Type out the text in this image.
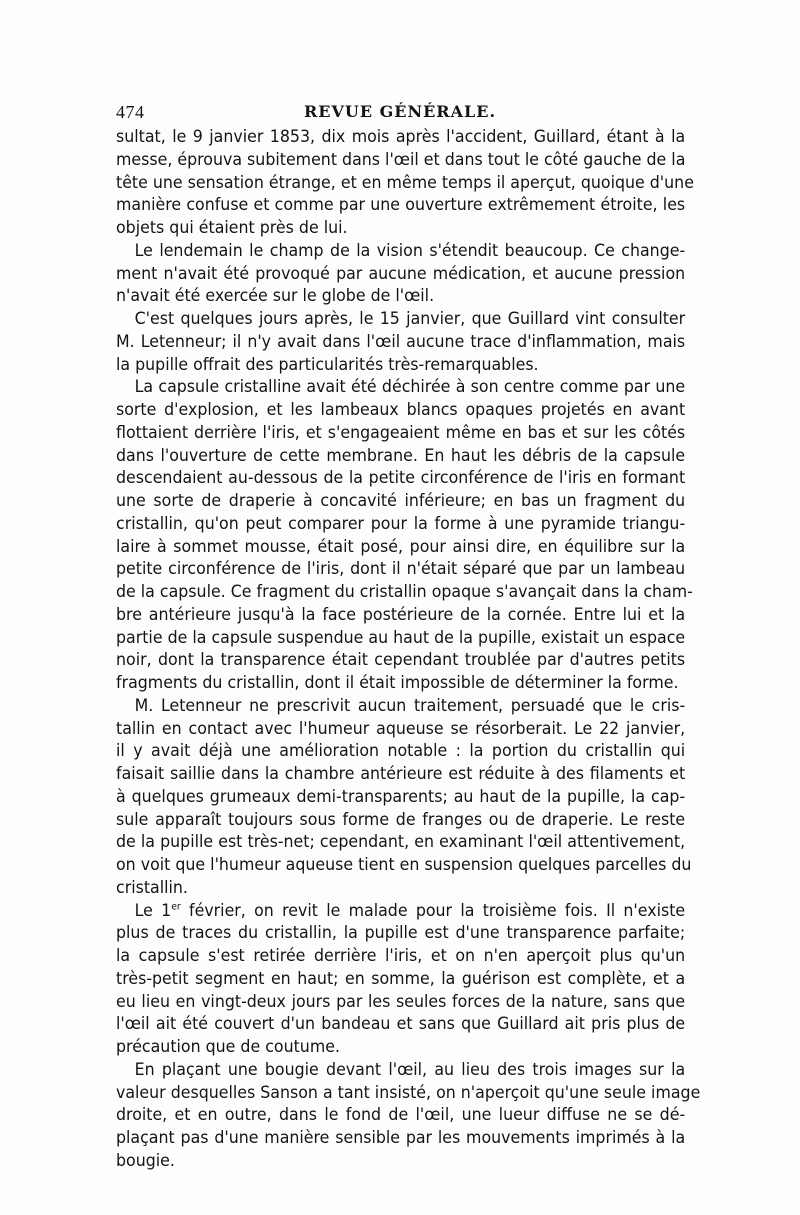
474	REVUE GÉNÉRALE.
sultat, le 9 janvier 1853, dix mois après l'accident, Guillard, étant à la
messe, éprouva subitement dans l'œil et dans tout le côté gauche de la
tête une sensation étrange, et en même temps il aperçut, quoique d'une
manière confuse et comme par une ouverture extrêmement étroite, les
objets qui étaient près de lui.
Le lendemain le champ de la vision s'étendit beaucoup. Ce change-
ment n'avait été provoqué par aucune médication, et aucune pression
n'avait été exercée sur le globe de l'œil.
C'est quelques jours après, le 15 janvier, que Guillard vint consulter
M. Letenneur; il n'y avait dans l'œil aucune trace d'inflammation, mais
la pupille offrait des particularités très-remarquables.
La capsule cristalline avait été déchirée à son centre comme par une
sorte d'explosion, et les lambeaux blancs opaques projetés en avant
flottaient derrière l'iris, et s'engageaient même en bas et sur les côtés
dans l'ouverture de cette membrane. En haut les débris de la capsule
descendaient au-dessous de la petite circonférence de l'iris en formant
une sorte de draperie à concavité inférieure; en bas un fragment du
cristallin, qu'on peut comparer pour la forme à une pyramide triangu-
laire à sommet mousse, était posé, pour ainsi dire, en équilibre sur la
petite circonférence de l'iris, dont il n'était séparé que par un lambeau
de la capsule. Ce fragment du cristallin opaque s'avançait dans la cham-
bre antérieure jusqu'à la face postérieure de la cornée. Entre lui et la
partie de la capsule suspendue au haut de la pupille, existait un espace
noir, dont la transparence était cependant troublée par d'autres petits
fragments du cristallin, dont il était impossible de déterminer la forme.
M. Letenneur ne prescrivit aucun traitement, persuadé que le cris-
tallin en contact avec l'humeur aqueuse se résorberait. Le 22 janvier,
il y avait déjà une amélioration notable : la portion du cristallin qui
faisait saillie dans la chambre antérieure est réduite à des filaments et
à quelques grumeaux demi-transparents; au haut de la pupille, la cap-
sule apparaît toujours sous forme de franges ou de draperie. Le reste
de la pupille est très-net; cependant, en examinant l'œil attentivement,
on voit que l'humeur aqueuse tient en suspension quelques parcelles du
cristallin.
Le 1er février, on revit le malade pour la troisième fois. Il n'existe
plus de traces du cristallin, la pupille est d'une transparence parfaite;
la capsule s'est retirée derrière l'iris, et on n'en aperçoit plus qu'un
très-petit segment en haut; en somme, la guérison est complète, et a
eu lieu en vingt-deux jours par les seules forces de la nature, sans que
l'œil ait été couvert d'un bandeau et sans que Guillard ait pris plus de
précaution que de coutume.
En plaçant une bougie devant l'œil, au lieu des trois images sur la
valeur desquelles Sanson a tant insisté, on n'aperçoit qu'une seule image
droite, et en outre, dans le fond de l'œil, une lueur diffuse ne se dé-
plaçant pas d'une manière sensible par les mouvements imprimés à la
bougie.
